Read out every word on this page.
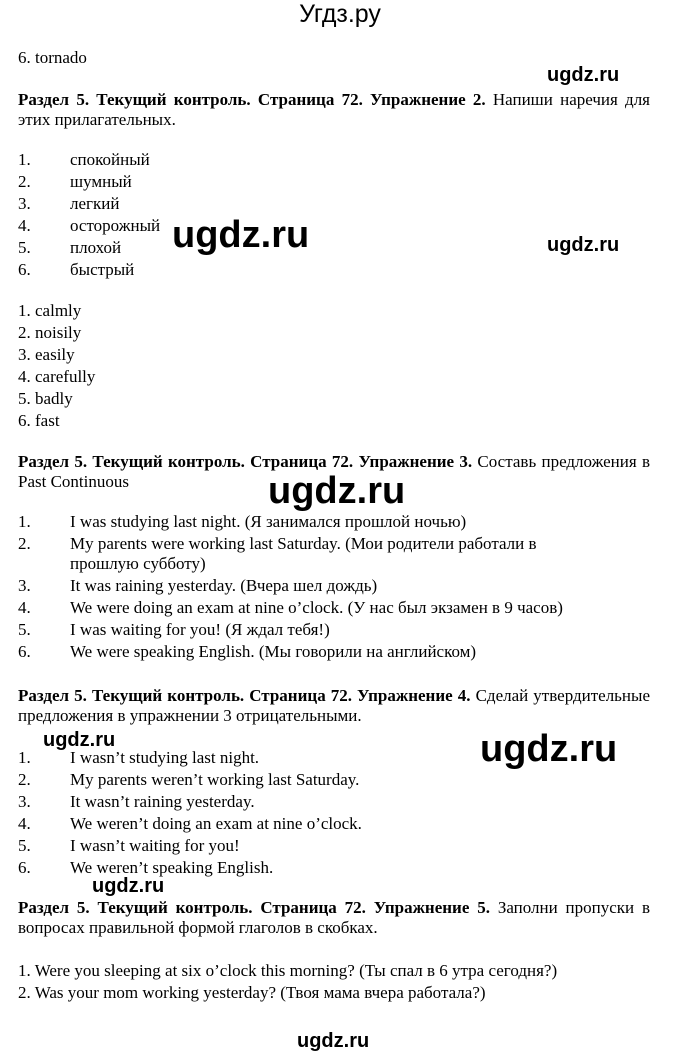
Угдз.ру
6. tornado
Раздел 5. Текущий контроль. Страница 72. Упражнение 2. Напиши наречия для этих прилагательных.
1.	спокойный
2.	шумный
3.	легкий
4.	осторожный
5.	плохой
6.	быстрый
1. calmly
2. noisily
3. easily
4. carefully
5. badly
6. fast
Раздел 5. Текущий контроль. Страница 72. Упражнение 3. Составь предложения в Past Continuous
1.	I was studying last night. (Я занимался прошлой ночью)
2.	My parents were working last Saturday. (Мои родители работали в прошлую субботу)
3.	It was raining yesterday. (Вчера шел дождь)
4.	We were doing an exam at nine o’clock. (У нас был экзамен в 9 часов)
5.	I was waiting for you! (Я ждал тебя!)
6.	We were speaking English. (Мы говорили на английском)
Раздел 5. Текущий контроль. Страница 72. Упражнение 4. Сделай утвердительные предложения в упражнении 3 отрицательными.
1.	I wasn’t studying last night.
2.	My parents weren’t working last Saturday.
3.	It wasn’t raining yesterday.
4.	We weren’t doing an exam at nine o’clock.
5.	I wasn’t waiting for you!
6.	We weren’t speaking English.
Раздел 5. Текущий контроль. Страница 72. Упражнение 5. Заполни пропуски в вопросах правильной формой глаголов в скобках.
1. Were you sleeping at six o’clock this morning? (Ты спал в 6 утра сегодня?)
2. Was your mom working yesterday? (Твоя мама вчера работала?)
ugdz.ru
ugdz.ru	ugdz.ru
ugdz.ru
ugdz.ru	ugdz.ru
ugdz.ru
ugdz.ru
